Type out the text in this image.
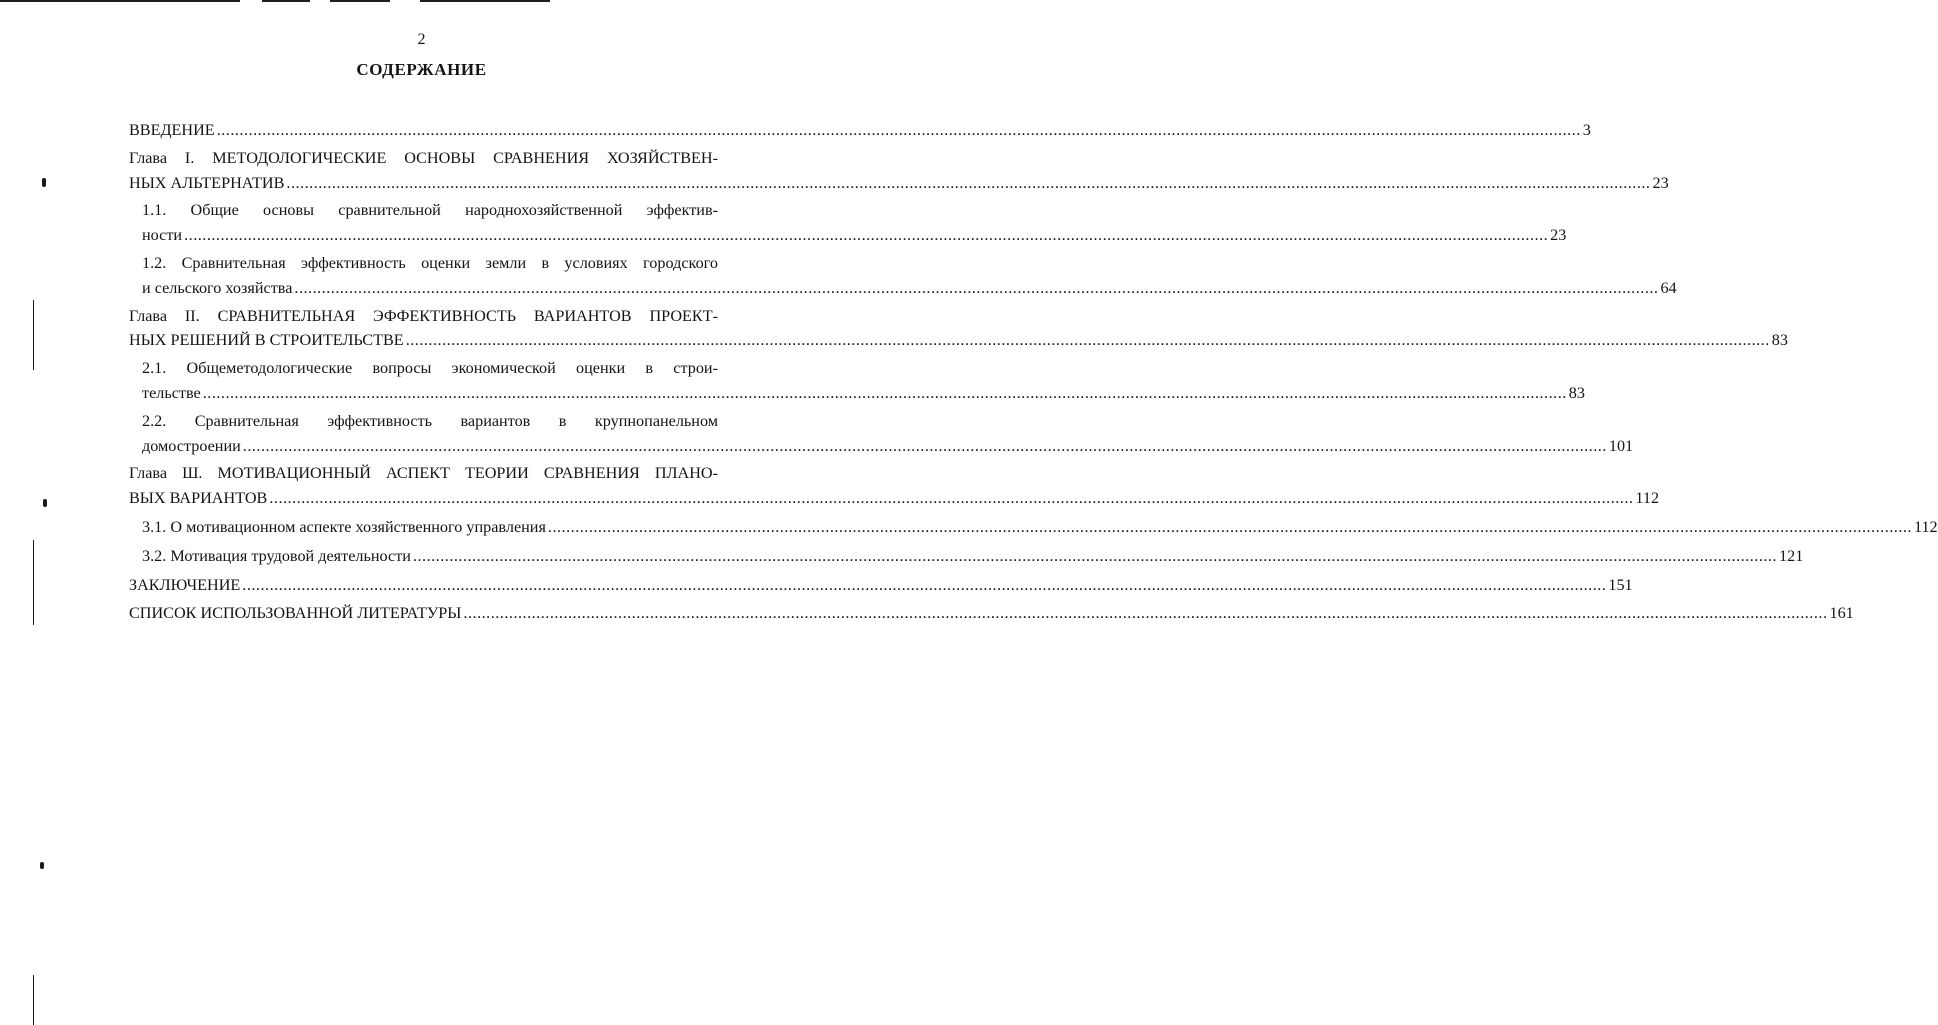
2
СОДЕРЖАНИЕ
ВВЕДЕНИЕ ............................................................................................................................................................................................................................................................................................................ 3
Глава I. МЕТОДОЛОГИЧЕСКИЕ ОСНОВЫ СРАВНЕНИЯ ХОЗЯЙСТВЕН-
НЫХ АЛЬТЕРНАТИВ ............................................................................................................................................................................................................................................................................................................ 23
1.1. Общие основы сравнительной народнохозяйственной эффектив-
ности ............................................................................................................................................................................................................................................................................................................ 23
1.2. Сравнительная эффективность оценки земли в условиях городского
и сельского хозяйства ............................................................................................................................................................................................................................................................................................................ 64
Глава II. СРАВНИТЕЛЬНАЯ ЭФФЕКТИВНОСТЬ ВАРИАНТОВ ПРОЕКТ-
НЫХ РЕШЕНИЙ В СТРОИТЕЛЬСТВЕ ............................................................................................................................................................................................................................................................................................................ 83
2.1. Общеметодологические вопросы экономической оценки в строи-
тельстве ............................................................................................................................................................................................................................................................................................................ 83
2.2. Сравнительная эффективность вариантов в крупнопанельном
домостроении ............................................................................................................................................................................................................................................................................................................ 101
Глава Ш. МОТИВАЦИОННЫЙ АСПЕКТ ТЕОРИИ СРАВНЕНИЯ ПЛАНО-
ВЫХ ВАРИАНТОВ ............................................................................................................................................................................................................................................................................................................ 112
3.1. О мотивационном аспекте хозяйственного управления ............................................................................................................................................................................................................................................................................................................ 112
3.2. Мотивация трудовой деятельности ............................................................................................................................................................................................................................................................................................................ 121
ЗАКЛЮЧЕНИЕ ............................................................................................................................................................................................................................................................................................................ 151
СПИСОК ИСПОЛЬЗОВАННОЙ ЛИТЕРАТУРЫ ............................................................................................................................................................................................................................................................................................................ 161
